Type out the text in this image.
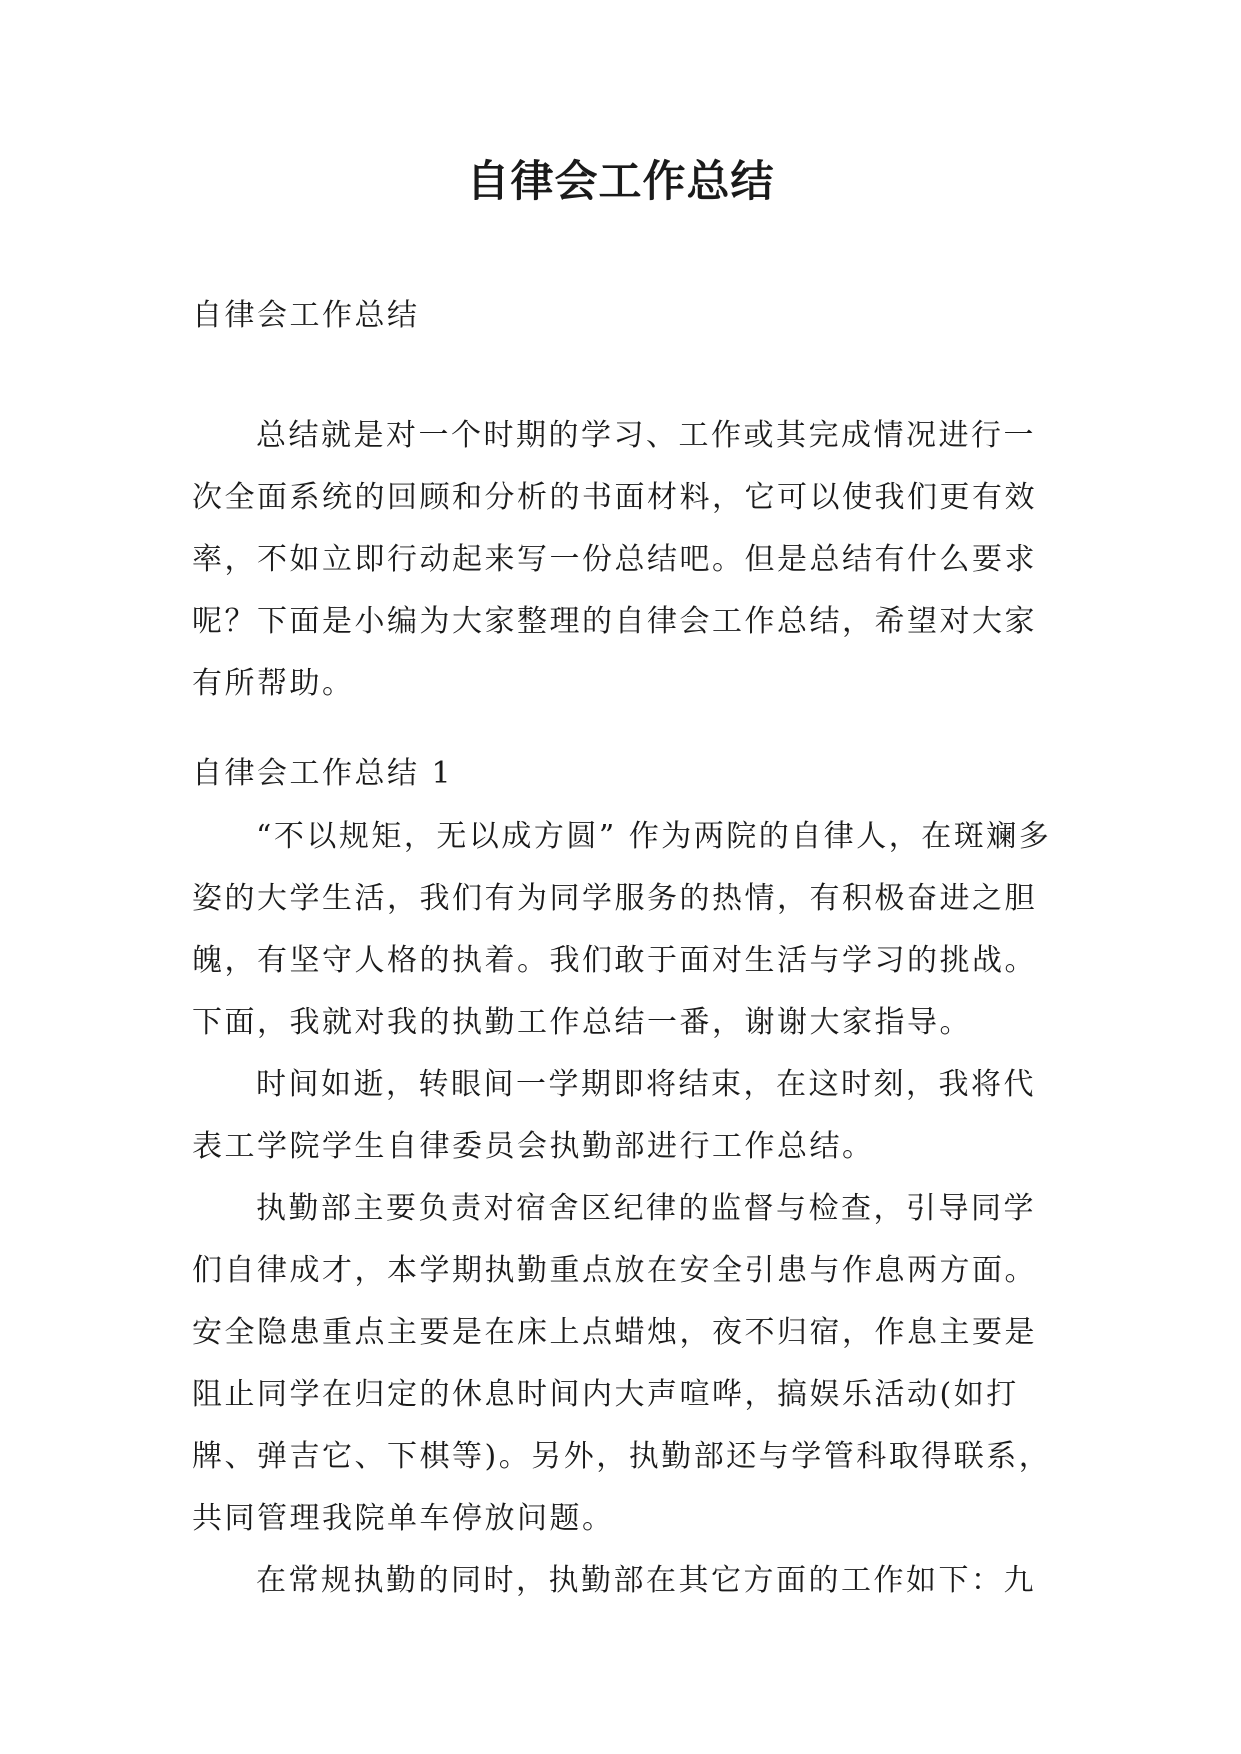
自律会工作总结
自律会工作总结
总结就是对一个时期的学习、工作或其完成情况进行一次全面系统的回顾和分析的书面材料，它可以使我们更有效率，不如立即行动起来写一份总结吧。但是总结有什么要求呢？下面是小编为大家整理的自律会工作总结，希望对大家有所帮助。
自律会工作总结 1

“不以规矩，无以成方圆” 作为两院的自律人，在斑斓多姿的大学生活，我们有为同学服务的热情，有积极奋进之胆魄，有坚守人格的执着。我们敢于面对生活与学习的挑战。 下面，我就对我的执勤工作总结一番，谢谢大家指导。

时间如逝，转眼间一学期即将结束，在这时刻，我将代表工学院学生自律委员会执勤部进行工作总结。

执勤部主要负责对宿舍区纪律的监督与检查，引导同学们自律成才，本学期执勤重点放在安全引患与作息两方面。安全隐患重点主要是在床上点蜡烛，夜不归宿，作息主要是阻止同学在归定的休息时间内大声喧哗，搞娱乐活动(如打牌、弹吉它、下棋等)。另外，执勤部还与学管科取得联系，共同管理我院单车停放问题。

在常规执勤的同时，执勤部在其它方面的工作如下：九
